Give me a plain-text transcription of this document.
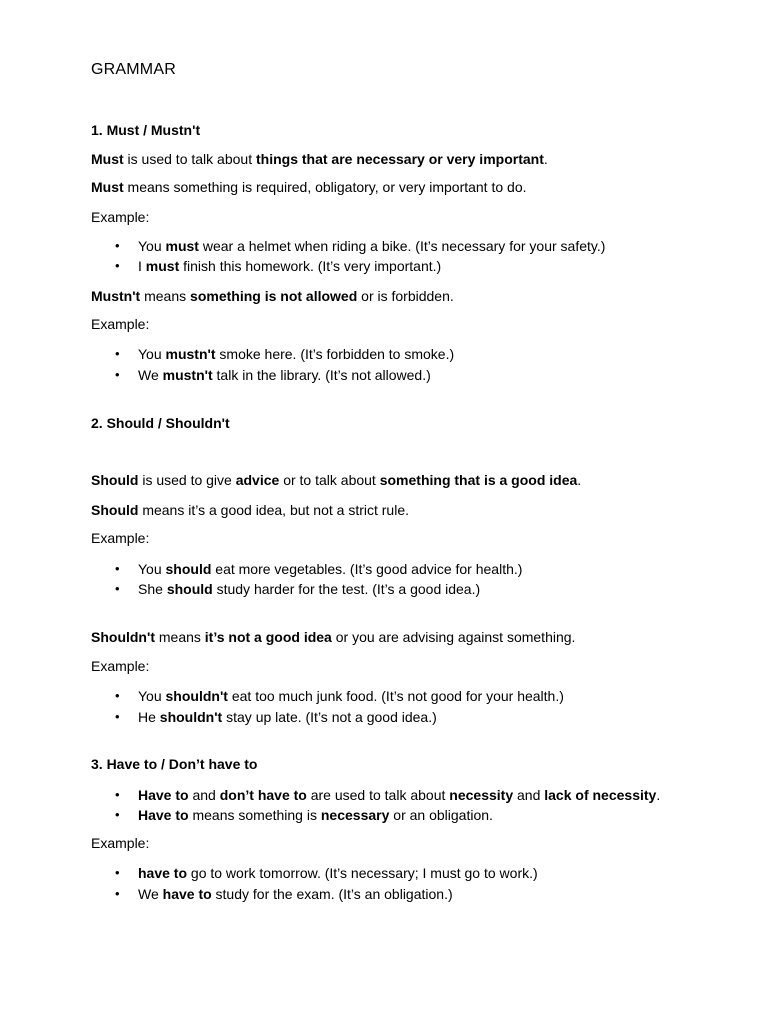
GRAMMAR
1. Must / Mustn't
Must is used to talk about things that are necessary or very important.
Must means something is required, obligatory, or very important to do.
Example:
• You must wear a helmet when riding a bike. (It’s necessary for your safety.)
• I must finish this homework. (It’s very important.)
Mustn't means something is not allowed or is forbidden.
Example:
• You mustn't smoke here. (It’s forbidden to smoke.)
• We mustn't talk in the library. (It’s not allowed.)
2. Should / Shouldn't
Should is used to give advice or to talk about something that is a good idea.
Should means it’s a good idea, but not a strict rule.
Example:
• You should eat more vegetables. (It’s good advice for health.)
• She should study harder for the test. (It’s a good idea.)
Shouldn't means it’s not a good idea or you are advising against something.
Example:
• You shouldn't eat too much junk food. (It’s not good for your health.)
• He shouldn't stay up late. (It’s not a good idea.)
3. Have to / Don’t have to
• Have to and don’t have to are used to talk about necessity and lack of necessity.
• Have to means something is necessary or an obligation.
Example:
• have to go to work tomorrow. (It’s necessary; I must go to work.)
• We have to study for the exam. (It’s an obligation.)
